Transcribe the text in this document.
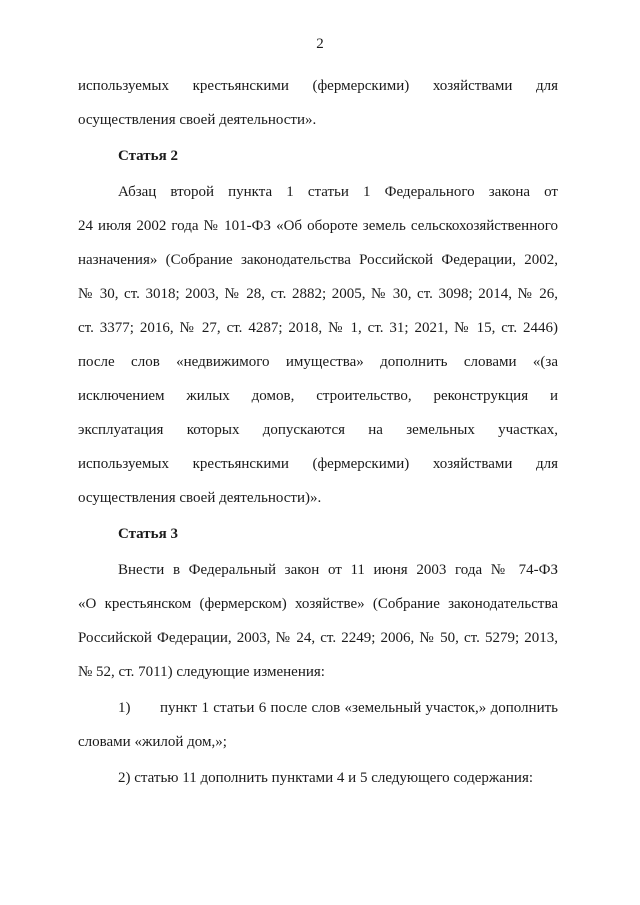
2
используемых крестьянскими (фермерскими) хозяйствами для
осуществления своей деятельности».
Статья 2
Абзац второй пункта 1 статьи 1 Федерального закона от
24 июля 2002 года № 101-ФЗ «Об обороте земель сельскохозяйственного
назначения» (Собрание законодательства Российской Федерации, 2002,
№ 30, ст. 3018; 2003, № 28, ст. 2882; 2005, № 30, ст. 3098; 2014, № 26,
ст. 3377; 2016, № 27, ст. 4287; 2018, № 1, ст. 31; 2021, № 15, ст. 2446)
после слов «недвижимого имущества» дополнить словами «(за
исключением жилых домов, строительство, реконструкция и
эксплуатация которых допускаются на земельных участках,
используемых крестьянскими (фермерскими) хозяйствами для
осуществления своей деятельности)».
Статья 3
Внести в Федеральный закон от 11 июня 2003 года № 74-ФЗ
«О крестьянском (фермерском) хозяйстве» (Собрание законодательства
Российской Федерации, 2003, № 24, ст. 2249; 2006, № 50, ст. 5279; 2013,
№ 52, ст. 7011) следующие изменения:
1) пункт 1 статьи 6 после слов «земельный участок,» дополнить
словами «жилой дом,»;
2) статью 11 дополнить пунктами 4 и 5 следующего содержания:
